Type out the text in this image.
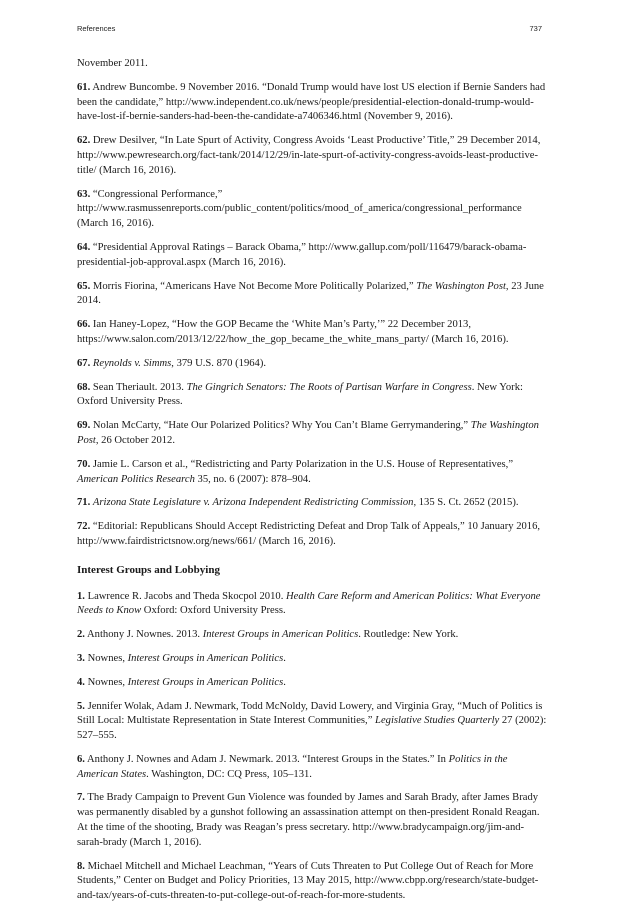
References	737

November 2011.

61. Andrew Buncombe. 9 November 2016. “Donald Trump would have lost US election if Bernie Sanders had been the candidate,” http://www.independent.co.uk/news/people/presidential-election-donald-trump-would-have-lost-if-bernie-sanders-had-been-the-candidate-a7406346.html (November 9, 2016).

62. Drew Desilver, “In Late Spurt of Activity, Congress Avoids ‘Least Productive’ Title,” 29 December 2014, http://www.pewresearch.org/fact-tank/2014/12/29/in-late-spurt-of-activity-congress-avoids-least-productive-title/ (March 16, 2016).

63. “Congressional Performance,” http://www.rasmussenreports.com/public_content/politics/mood_of_america/congressional_performance (March 16, 2016).

64. “Presidential Approval Ratings – Barack Obama,” http://www.gallup.com/poll/116479/barack-obama-presidential-job-approval.aspx (March 16, 2016).

65. Morris Fiorina, “Americans Have Not Become More Politically Polarized,” The Washington Post, 23 June 2014.

66. Ian Haney-Lopez, “How the GOP Became the ‘White Man’s Party,’” 22 December 2013, https://www.salon.com/2013/12/22/how_the_gop_became_the_white_mans_party/ (March 16, 2016).

67. Reynolds v. Simms, 379 U.S. 870 (1964).

68. Sean Theriault. 2013. The Gingrich Senators: The Roots of Partisan Warfare in Congress. New York: Oxford University Press.

69. Nolan McCarty, “Hate Our Polarized Politics? Why You Can’t Blame Gerrymandering,” The Washington Post, 26 October 2012.

70. Jamie L. Carson et al., “Redistricting and Party Polarization in the U.S. House of Representatives,” American Politics Research 35, no. 6 (2007): 878–904.

71. Arizona State Legislature v. Arizona Independent Redistricting Commission, 135 S. Ct. 2652 (2015).

72. “Editorial: Republicans Should Accept Redistricting Defeat and Drop Talk of Appeals,” 10 January 2016, http://www.fairdistrictsnow.org/news/661/ (March 16, 2016).

Interest Groups and Lobbying

1. Lawrence R. Jacobs and Theda Skocpol 2010. Health Care Reform and American Politics: What Everyone Needs to Know Oxford: Oxford University Press.

2. Anthony J. Nownes. 2013. Interest Groups in American Politics. Routledge: New York.

3. Nownes, Interest Groups in American Politics.

4. Nownes, Interest Groups in American Politics.

5. Jennifer Wolak, Adam J. Newmark, Todd McNoldy, David Lowery, and Virginia Gray, “Much of Politics is Still Local: Multistate Representation in State Interest Communities,” Legislative Studies Quarterly 27 (2002): 527–555.

6. Anthony J. Nownes and Adam J. Newmark. 2013. “Interest Groups in the States.” In Politics in the American States. Washington, DC: CQ Press, 105–131.

7. The Brady Campaign to Prevent Gun Violence was founded by James and Sarah Brady, after James Brady was permanently disabled by a gunshot following an assassination attempt on then-president Ronald Reagan. At the time of the shooting, Brady was Reagan’s press secretary. http://www.bradycampaign.org/jim-and-sarah-brady (March 1, 2016).

8. Michael Mitchell and Michael Leachman, “Years of Cuts Threaten to Put College Out of Reach for More Students,” Center on Budget and Policy Priorities, 13 May 2015, http://www.cbpp.org/research/state-budget-and-tax/years-of-cuts-threaten-to-put-college-out-of-reach-for-more-students.
